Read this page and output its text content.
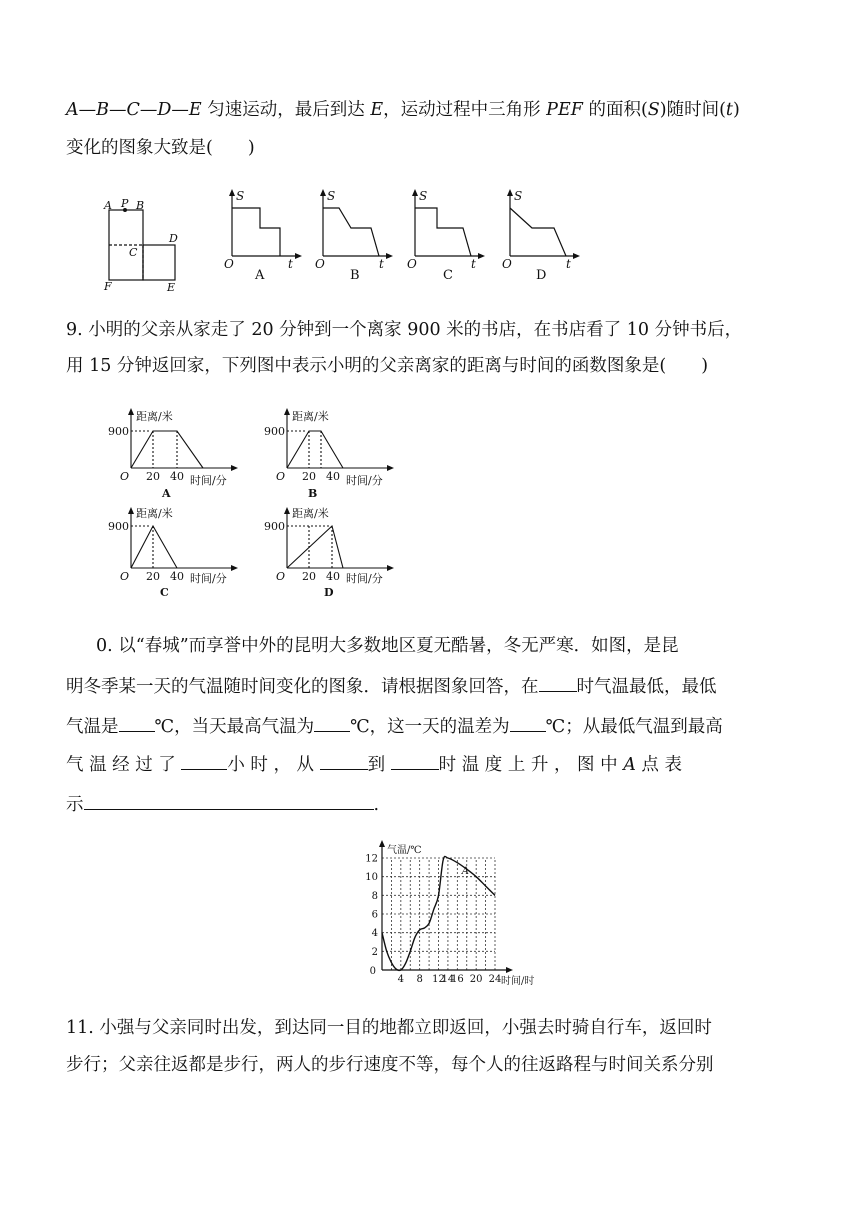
A—B—C—D—E 匀速运动，最后到达 E，运动过程中三角形 PEF 的面积(S)随时间(t)
变化的图象大致是(　　)
A P B
C
D
E
F
S
O	t
A
S
O	t
B
S
O	t
C
S
O	t
D
9. 小明的父亲从家走了 20 分钟到一个离家 900 米的书店，在书店看了 10 分钟书后，
用 15 分钟返回家，下列图中表示小明的父亲离家的距离与时间的函数图象是(　　)
距离/米
900
O 20 40 时间/分
A
距离/米
900
O 20 40 时间/分
B
距离/米
900
O 20 40 时间/分
C
距离/米
900
O 20 40 时间/分
D
0. 以“春城”而享誉中外的昆明大多数地区夏无酷暑，冬无严寒．如图，是昆
明冬季某一天的气温随时间变化的图象．请根据图象回答，在 时气温最低，最低
气温是 ℃，当天最高气温为 ℃，这一天的温差为 ℃；从最低气温到最高
气 温 经 过 了	小 时 ， 从	到	时 温 度 上 升 ， 图 中 A 点 表
示	.
2
4
6
8
10
12
0
4 8 12
14
16 20 24
气温/℃
时间/时
A
11. 小强与父亲同时出发，到达同一目的地都立即返回，小强去时骑自行车，返回时
步行；父亲往返都是步行，两人的步行速度不等，每个人的往返路程与时间关系分别
